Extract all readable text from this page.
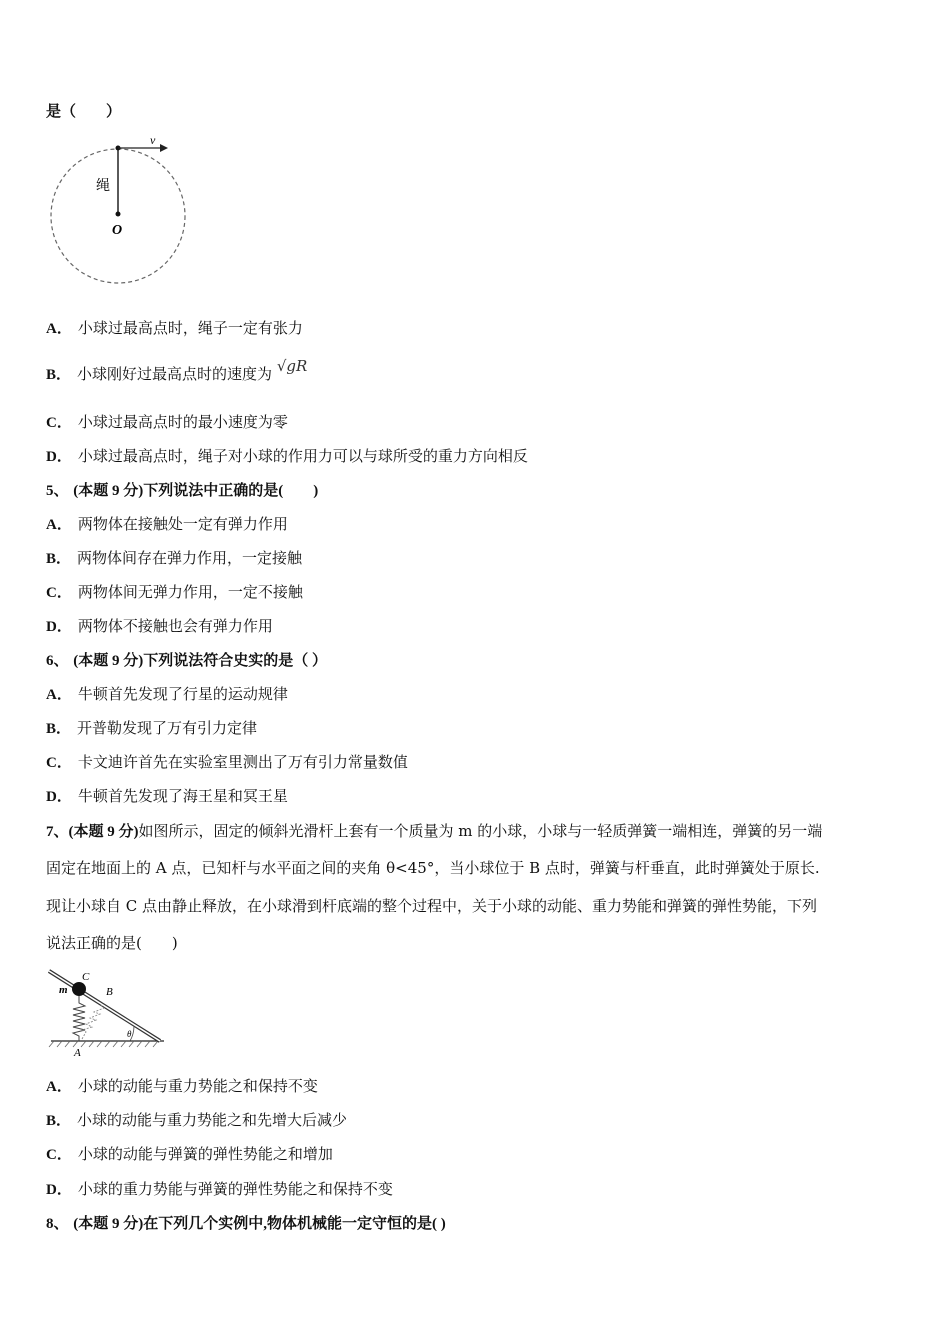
是（　　）
v
绳
O
A． 小球过最高点时，绳子一定有张力
B． 小球刚好过最高点时的速度为 √gR
C． 小球过最高点时的最小速度为零
D． 小球过最高点时，绳子对小球的作用力可以与球所受的重力方向相反
5、 (本题 9 分)下列说法中正确的是(　　)
A． 两物体在接触处一定有弹力作用
B． 两物体间存在弹力作用，一定接触
C． 两物体间无弹力作用，一定不接触
D． 两物体不接触也会有弹力作用
6、 (本题 9 分)下列说法符合史实的是（ ）
A． 牛顿首先发现了行星的运动规律
B． 开普勒发现了万有引力定律
C． 卡文迪许首先在实验室里测出了万有引力常量数值
D． 牛顿首先发现了海王星和冥王星
7、(本题 9 分)如图所示，固定的倾斜光滑杆上套有一个质量为 m 的小球，小球与一轻质弹簧一端相连，弹簧的另一端
固定在地面上的 A 点，已知杆与水平面之间的夹角 θ<45°，当小球位于 B 点时，弹簧与杆垂直，此时弹簧处于原长.
现让小球自 C 点由静止释放，在小球滑到杆底端的整个过程中，关于小球的动能、重力势能和弹簧的弹性势能，下列
说法正确的是(　　)
m
C
B
θ
A
A． 小球的动能与重力势能之和保持不变
B． 小球的动能与重力势能之和先增大后减少
C． 小球的动能与弹簧的弹性势能之和增加
D． 小球的重力势能与弹簧的弹性势能之和保持不变
8、 (本题 9 分)在下列几个实例中,物体机械能一定守恒的是( )
